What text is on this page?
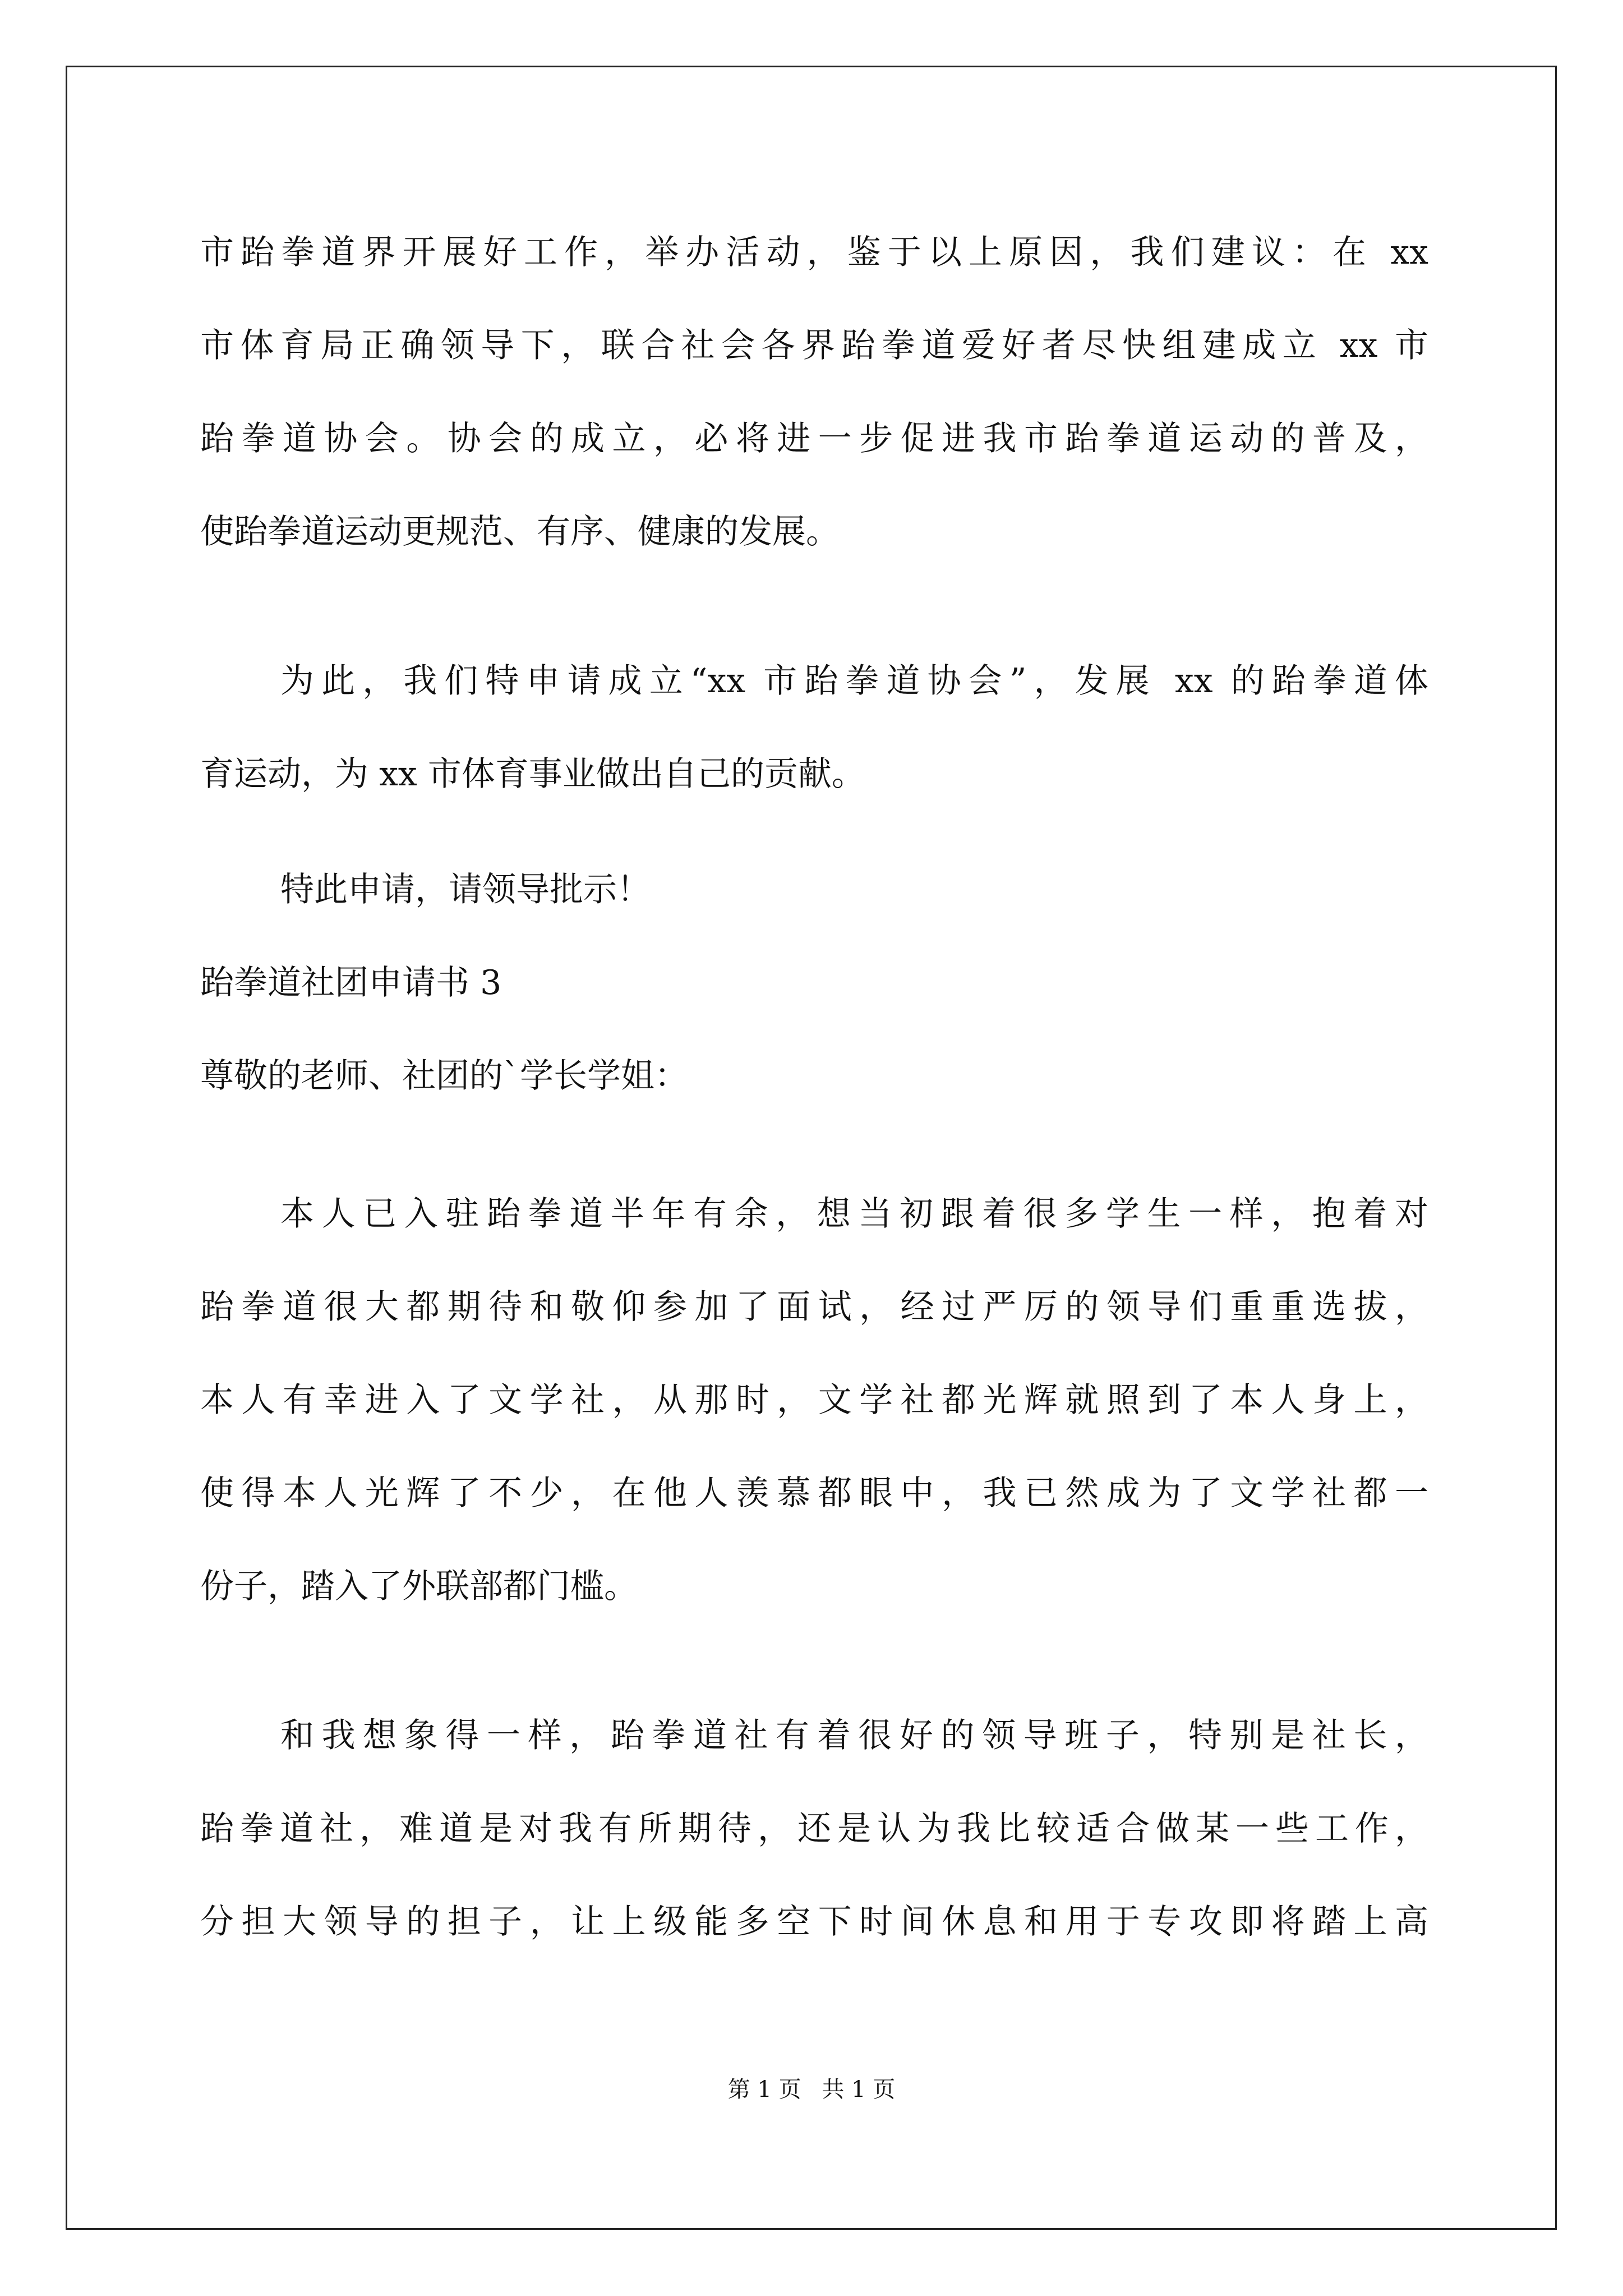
市跆拳道界开展好工作，举办活动，鉴于以上原因，我们建议：在 xx
市体育局正确领导下，联合社会各界跆拳道爱好者尽快组建成立 xx 市
跆拳道协会。协会的成立，必将进一步促进我市跆拳道运动的普及，
使跆拳道运动更规范、有序、健康的发展。
为此，我们特申请成立“xx 市跆拳道协会”，发展 xx 的跆拳道体
育运动，为 xx 市体育事业做出自己的贡献。
特此申请，请领导批示！
跆拳道社团申请书 3
尊敬的老师、社团的`学长学姐：
本人已入驻跆拳道半年有余，想当初跟着很多学生一样，抱着对
跆拳道很大都期待和敬仰参加了面试，经过严厉的领导们重重选拔，
本人有幸进入了文学社，从那时，文学社都光辉就照到了本人身上，
使得本人光辉了不少，在他人羡慕都眼中，我已然成为了文学社都一
份子，踏入了外联部都门槛。
和我想象得一样，跆拳道社有着很好的领导班子，特别是社长，
跆拳道社，难道是对我有所期待，还是认为我比较适合做某一些工作，
分担大领导的担子，让上级能多空下时间休息和用于专攻即将踏上高
第 1 页 共 1 页
